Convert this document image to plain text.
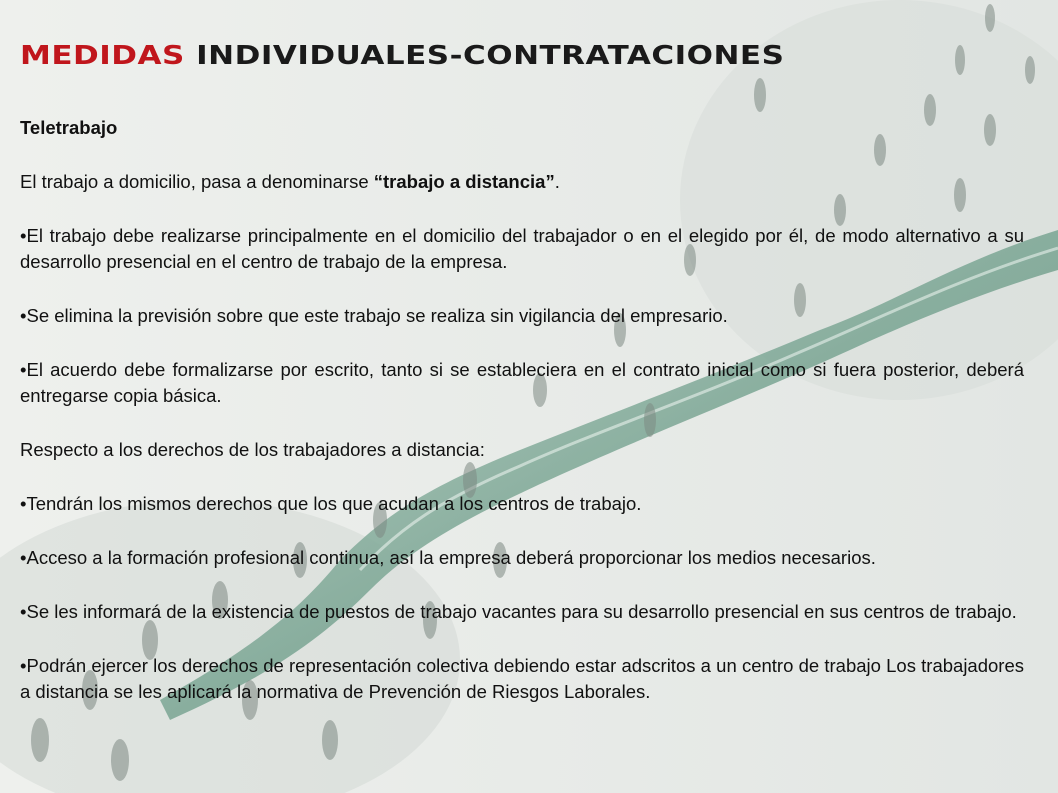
MEDIDAS INDIVIDUALES-CONTRATACIONES

Teletrabajo

El trabajo a domicilio, pasa a denominarse “trabajo a distancia”.

•El trabajo debe realizarse principalmente en el domicilio del trabajador o en el elegido por él, de modo alternativo a su desarrollo presencial en el centro de trabajo de la empresa.

•Se elimina la previsión sobre que este trabajo se realiza sin vigilancia del empresario.

•El acuerdo debe formalizarse por escrito, tanto si se estableciera en el contrato inicial como si fuera posterior, deberá entregarse copia básica.

Respecto a los derechos de los trabajadores a distancia:

•Tendrán los mismos derechos que los que acudan a los centros de trabajo.

•Acceso a la formación profesional continua, así la empresa deberá proporcionar los medios necesarios.

•Se les informará de la existencia de puestos de trabajo vacantes para su desarrollo presencial en sus centros de trabajo.

•Podrán ejercer los derechos de representación colectiva debiendo estar adscritos a un centro de trabajo Los trabajadores a distancia se les aplicará la normativa de Prevención de Riesgos Laborales.
